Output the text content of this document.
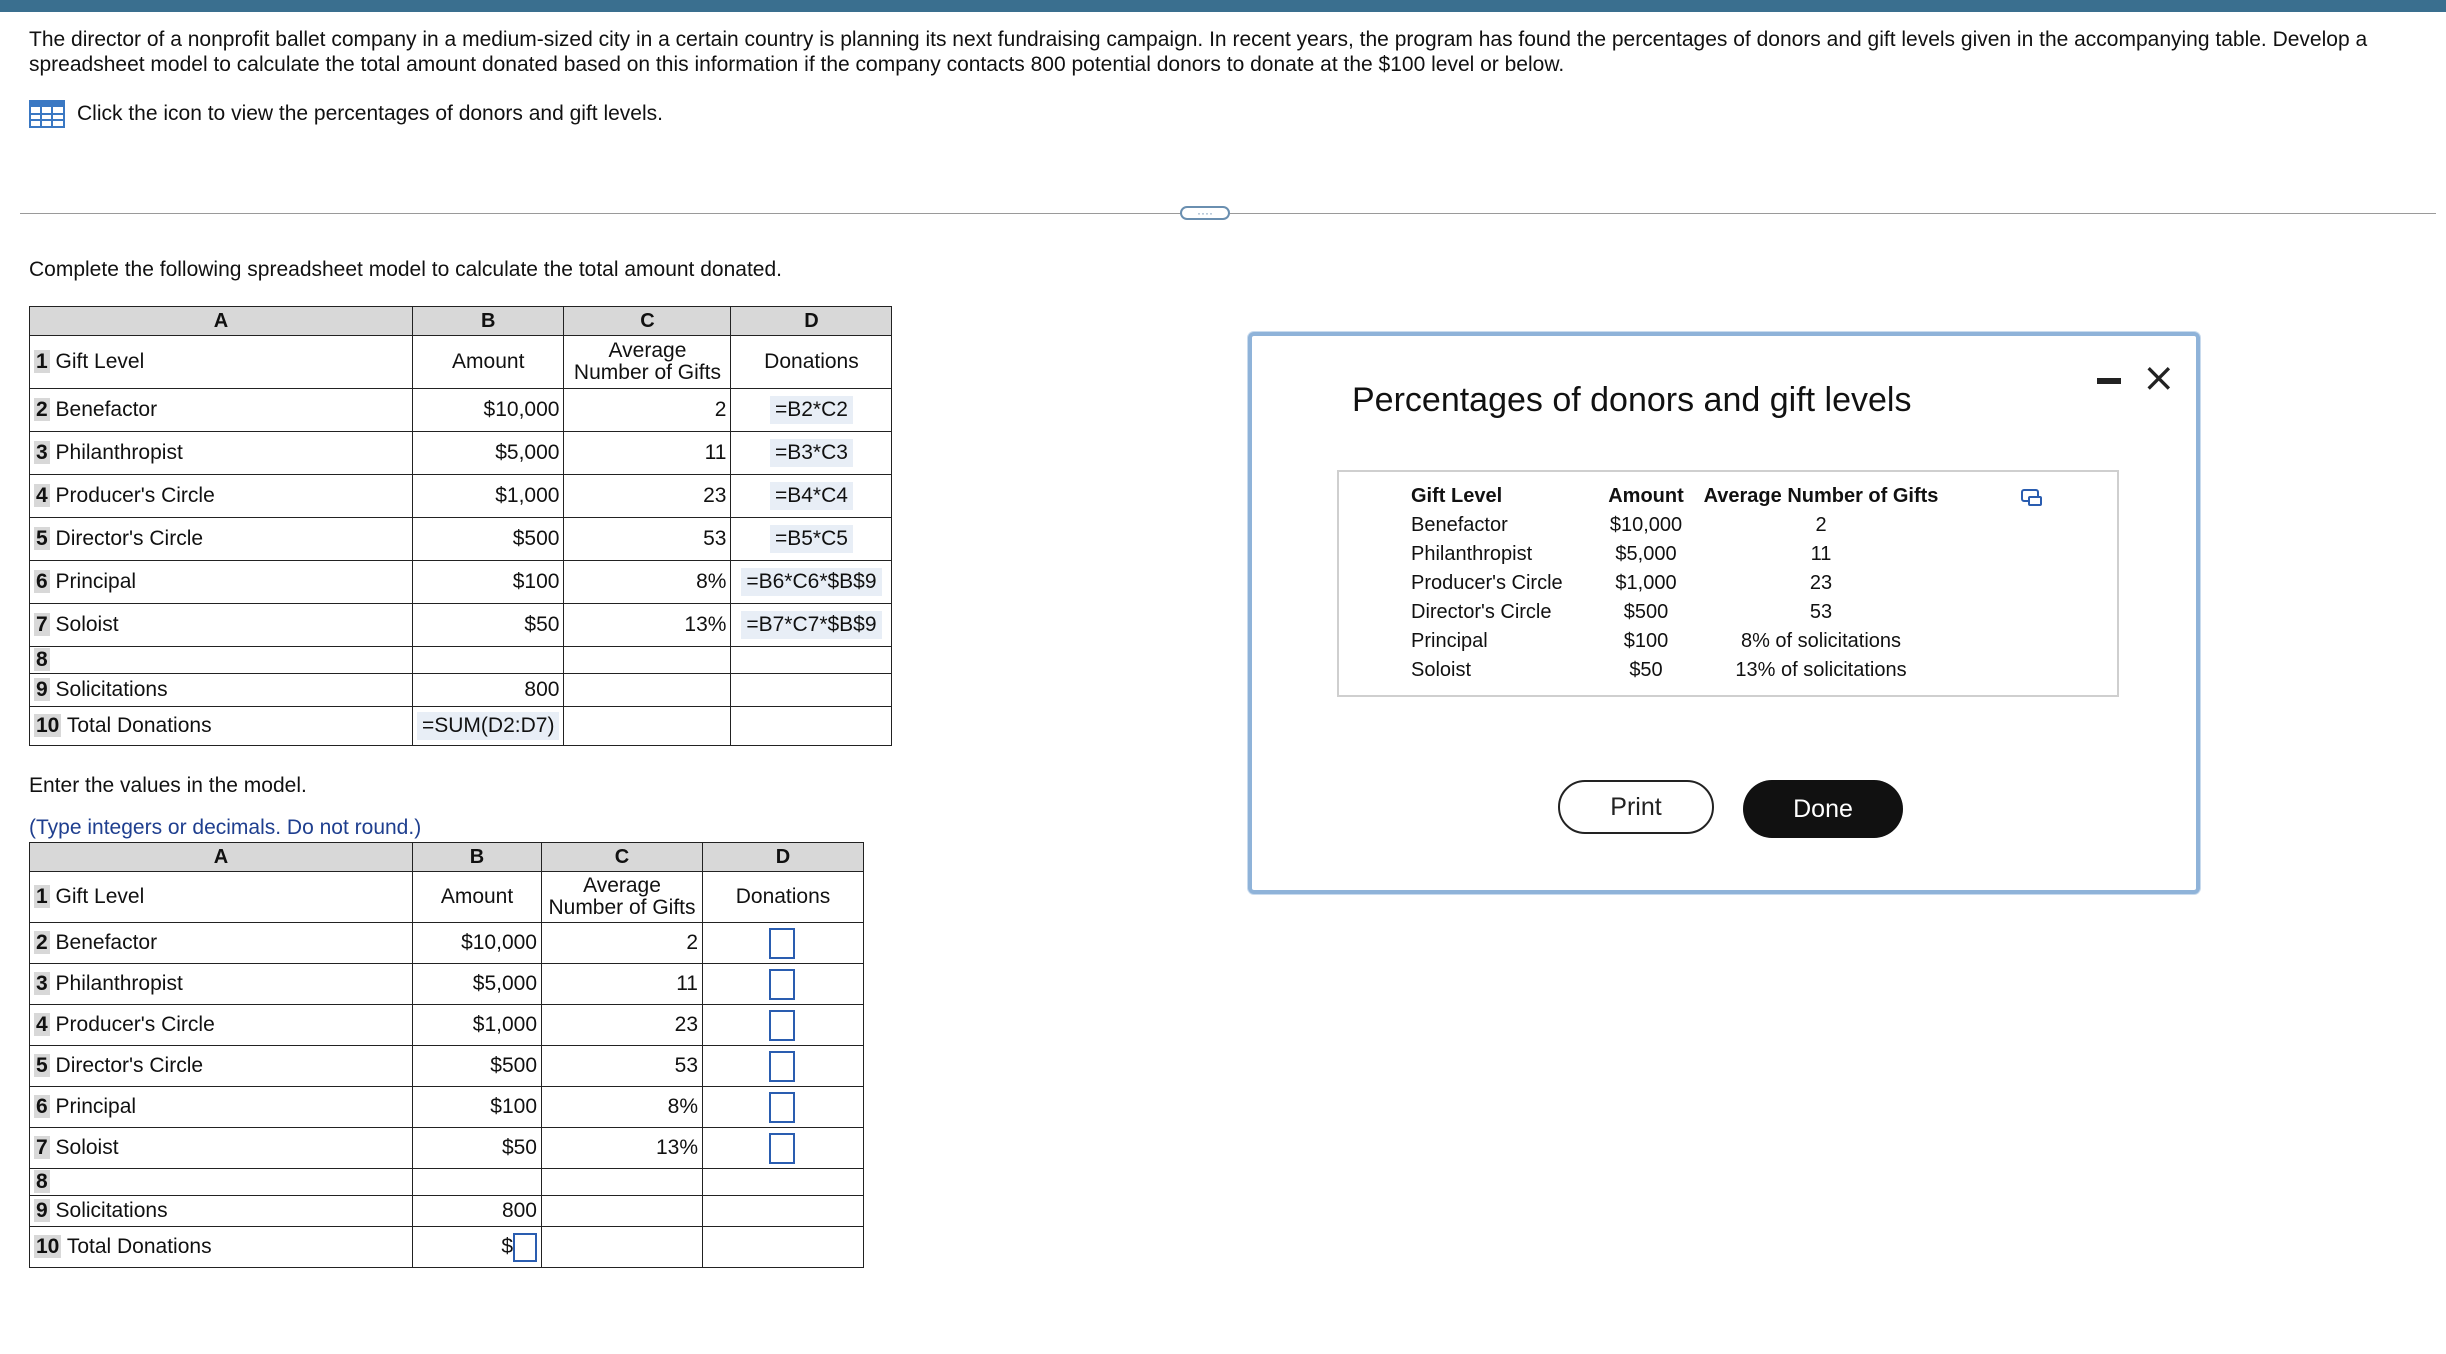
The director of a nonprofit ballet company in a medium-sized city in a certain country is planning its next fundraising campaign. In recent years, the program has found the percentages of donors and gift levels given in the accompanying table. Develop a spreadsheet model to calculate the total amount donated based on this information if the company contacts 800 potential donors to donate at the $100 level or below.
Click the icon to view the percentages of donors and gift levels.
····
Complete the following spreadsheet model to calculate the total amount donated.
A	B	C	D
1 Gift Level	Amount	Average Number of Gifts	Donations
2 Benefactor	$10,000	2	=B2*C2
3 Philanthropist	$5,000	11	=B3*C3
4 Producer's Circle	$1,000	23	=B4*C4
5 Director's Circle	$500	53	=B5*C5
6 Principal	$100	8%	=B6*C6*$B$9
7 Soloist	$50	13%	=B7*C7*$B$9
8			
9 Solicitations	800		
10 Total Donations	=SUM(D2:D7)		
Enter the values in the model.
(Type integers or decimals. Do not round.)
A	B	C	D
1 Gift Level	Amount	Average Number of Gifts	Donations
2 Benefactor	$10,000	2	
3 Philanthropist	$5,000	11	
4 Producer's Circle	$1,000	23	
5 Director's Circle	$500	53	
6 Principal	$100	8%	
7 Soloist	$50	13%	
8			
9 Solicitations	800		
10 Total Donations	$		
Percentages of donors and gift levels	×
Gift Level	Amount	Average Number of Gifts
Benefactor	$10,000	2
Philanthropist	$5,000	11
Producer's Circle	$1,000	23
Director's Circle	$500	53
Principal	$100	8% of solicitations
Soloist	$50	13% of solicitations
Print	Done
